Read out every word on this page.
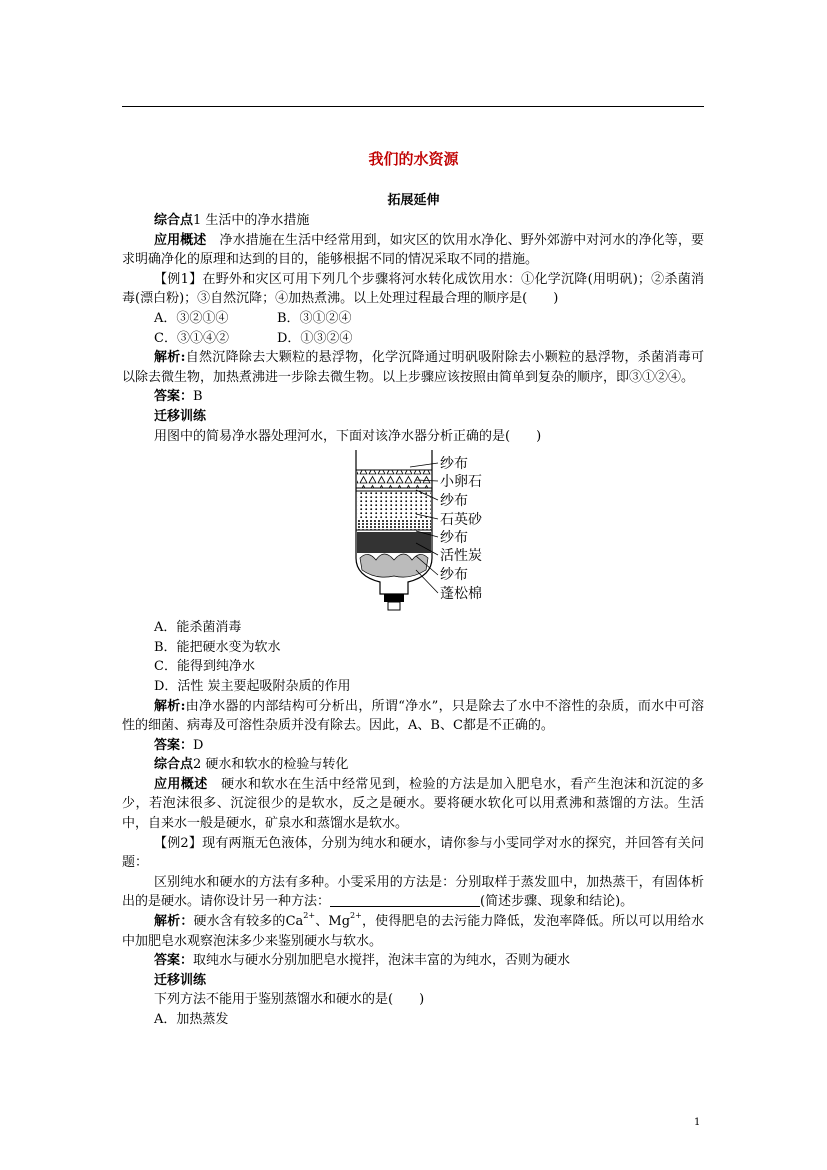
我们的水资源
拓展延伸

综合点1 生活中的净水措施

应用概述　净水措施在生活中经常用到，如灾区的饮用水净化、野外郊游中对河水的净化等，要求明确净化的原理和达到的目的，能够根据不同的情况采取不同的措施。

【例1】在野外和灾区可用下列几个步骤将河水转化成饮用水：①化学沉降(用明矾)；②杀菌消毒(漂白粉)；③自然沉降；④加热煮沸。以上处理过程最合理的顺序是(　　)

A．③②①④	B．③①②④
C．③①④②	D．①③②④

解析:自然沉降除去大颗粒的悬浮物，化学沉降通过明矾吸附除去小颗粒的悬浮物，杀菌消毒可以除去微生物，加热煮沸进一步除去微生物。以上步骤应该按照由简单到复杂的顺序，即③①②④。

答案：B

迁移训练

用图中的简易净水器处理河水，下面对该净水器分析正确的是(　　)

纱布
小卵石
纱布
石英砂
纱布
活性炭
纱布
蓬松棉

A．能杀菌消毒

B．能把硬水变为软水

C．能得到纯净水

D．活性 炭主要起吸附杂质的作用

解析:由净水器的内部结构可分析出，所谓“净水”，只是除去了水中不溶性的杂质，而水中可溶性的细菌、病毒及可溶性杂质并没有除去。因此，A、B、C都是不正确的。

答案：D

综合点2 硬水和软水的检验与转化

应用概述　硬水和软水在生活中经常见到，检验的方法是加入肥皂水，看产生泡沫和沉淀的多少，若泡沫很多、沉淀很少的是软水，反之是硬水。要将硬水软化可以用煮沸和蒸馏的方法。生活中，自来水一般是硬水，矿泉水和蒸馏水是软水。

【例2】现有两瓶无色液体，分别为纯水和硬水，请你参与小雯同学对水的探究，并回答有关问题：

区别纯水和硬水的方法有多种。小雯采用的方法是：分别取样于蒸发皿中，加热蒸干，有固体析出的是硬水。请你设计另一种方法：	(简述步骤、现象和结论)。

解析：硬水含有较多的$Ca^{2+}$、$Mg^{2+}$，使得肥皂的去污能力降低，发泡率降低。所以可以用给水中加肥皂水观察泡沫多少来鉴别硬水与软水。

答案：取纯水与硬水分别加肥皂水搅拌，泡沫丰富的为纯水，否则为硬水

迁移训练

下列方法不能用于鉴别蒸馏水和硬水的是(　　)

A．加热蒸发

1
